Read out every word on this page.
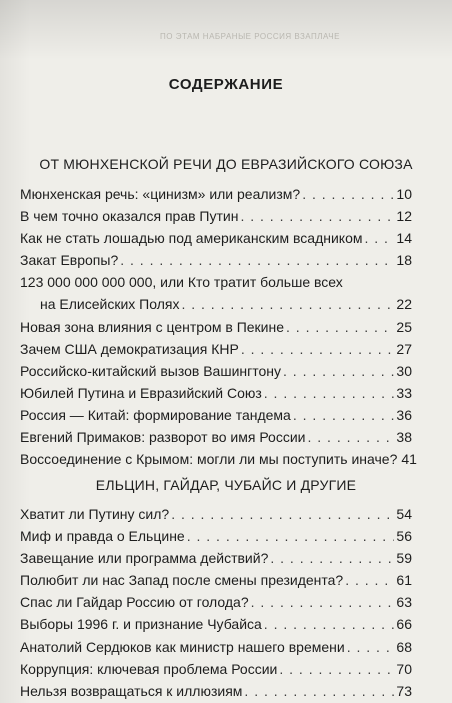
ПО ЭТАМ НАБРАНЫЕ РОССИЯ ВЗАПЛАЧЕ
СОДЕРЖАНИЕ
ОТ МЮНХЕНСКОЙ РЕЧИ ДО ЕВРАЗИЙСКОГО СОЮЗА
Мюнхенская речь: «цинизм» или реализм? . . .	10
В чем точно оказался прав Путин . . .	12
Как не стать лошадью под американским всадником . . . 14
Закат Европы? . . .	18
123 000 000 000 000, или Кто тратит больше всех
на Елисейских Полях . . .	22
Новая зона влияния с центром в Пекине . . .	25
Зачем США демократизация КНР . . .	27
Российско-китайский вызов Вашингтону . . .	30
Юбилей Путина и Евразийский Союз . . .	33
Россия — Китай: формирование тандема . . .	36
Евгений Примаков: разворот во имя России . . .	38
Воссоединение с Крымом: могли ли мы поступить иначе? 41
ЕЛЬЦИН, ГАЙДАР, ЧУБАЙС И ДРУГИЕ
Хватит ли Путину сил? . . .	54
Миф и правда о Ельцине . . .	56
Завещание или программа действий? . . .	59
Полюбит ли нас Запад после смены президента? . . .	61
Спас ли Гайдар Россию от голода? . . .	63
Выборы 1996 г. и признание Чубайса . . .	66
Анатолий Сердюков как министр нашего времени . . .	68
Коррупция: ключевая проблема России . . .	70
Нельзя возвращаться к иллюзиям . . .	73
